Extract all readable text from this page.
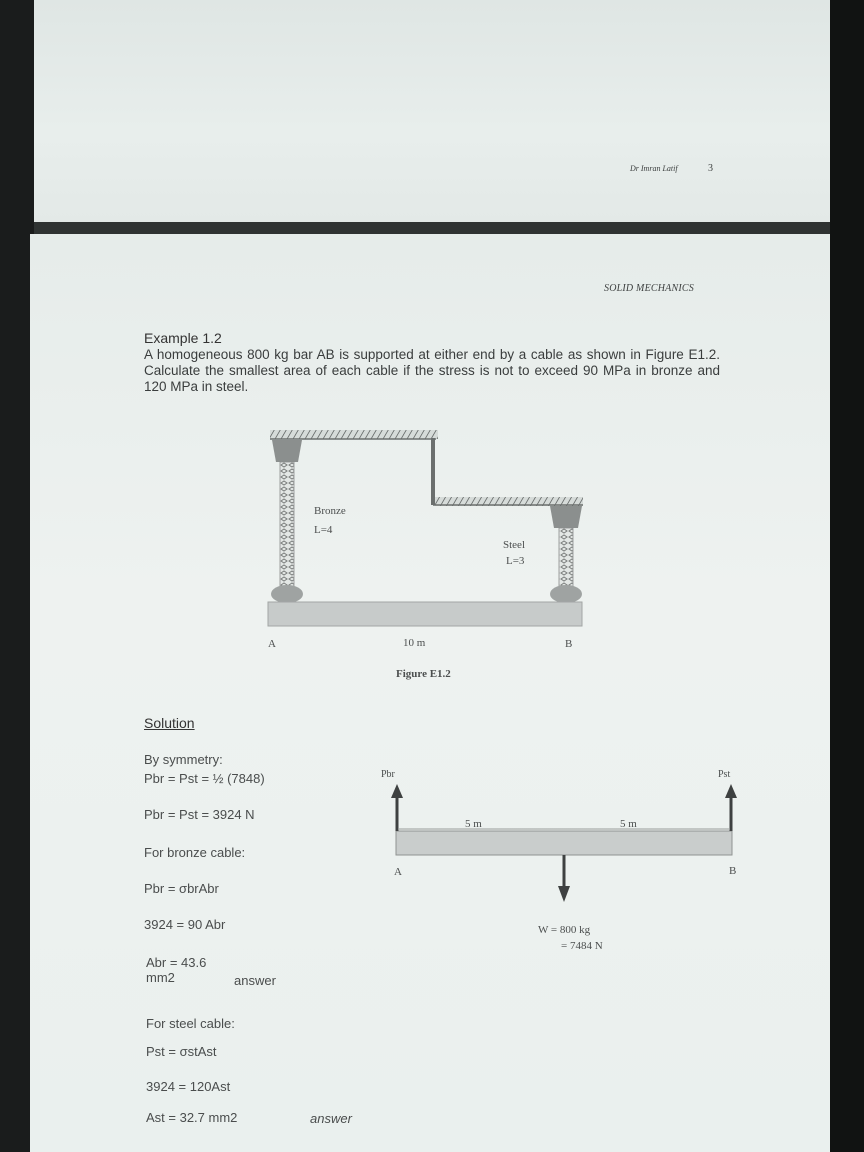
Dr Imran Latif	3
SOLID MECHANICS
Example 1.2
A homogeneous 800 kg bar AB is supported at either end by a cable as shown in Figure E1.2. Calculate the smallest area of each cable if the stress is not to exceed 90 MPa in bronze and 120 MPa in steel.
Bronze
L=4
Steel
L=3
A	10 m	B
Figure E1.2
Pbr	Pst
5 m	5 m
A	B
W = 800 kg
= 7484 N
Solution
By symmetry:
Pbr = Pst = ½ (7848)
Pbr = Pst = 3924 N
For bronze cable:
Pbr = σbrAbr
3924 = 90 Abr
Abr = 43.6
mm2	answer
For steel cable:
Pst = σstAst
3924 = 120Ast
Ast = 32.7 mm2	answer
